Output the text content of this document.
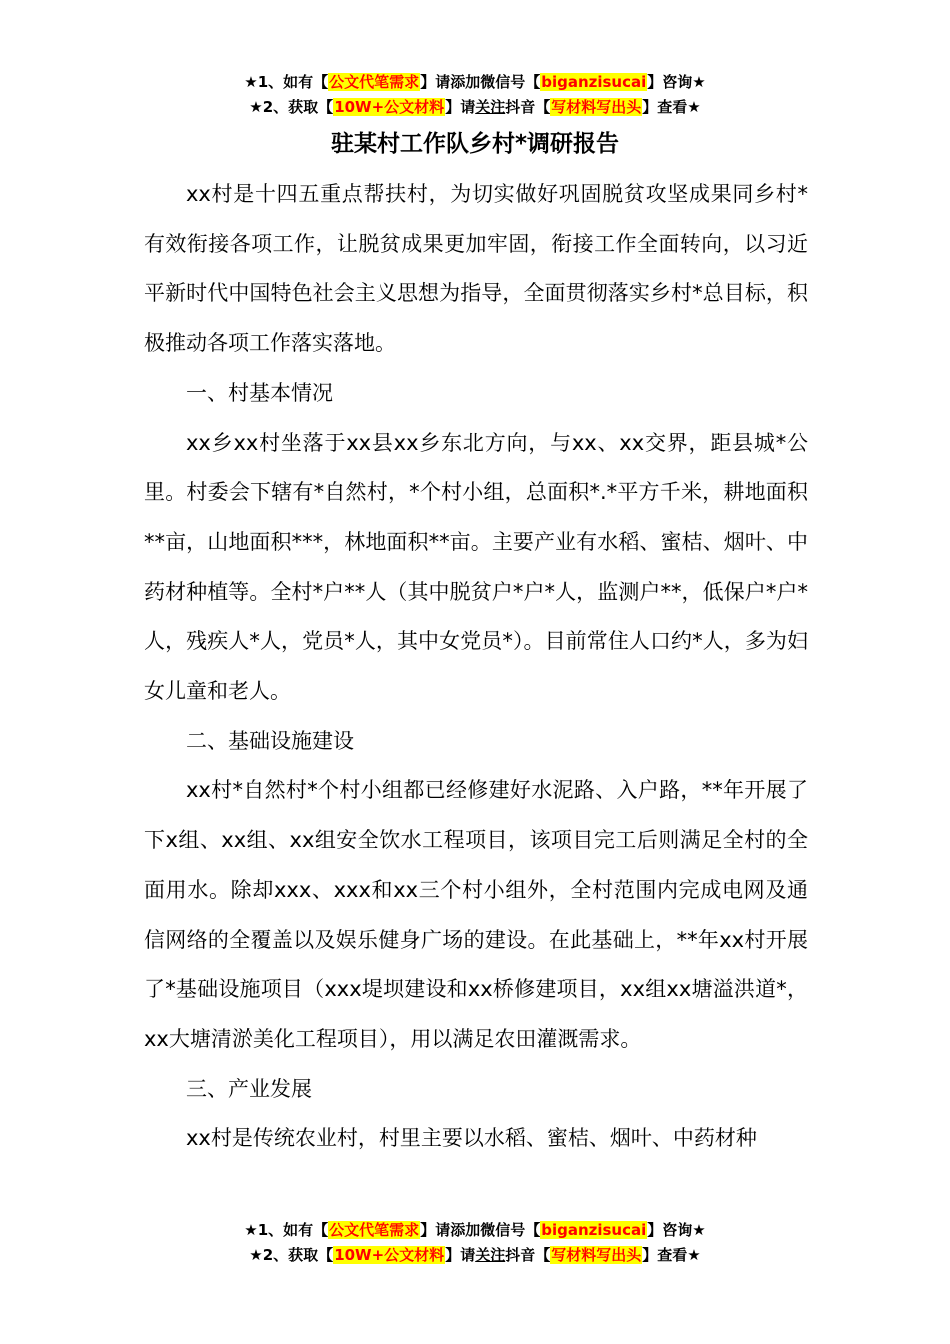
★1、如有【公文代笔需求】请添加微信号【biganzisucai】咨询★
★2、获取【10W+公文材料】请关注抖音【写材料写出头】查看★
驻某村工作队乡村*调研报告

xx村是十四五重点帮扶村，为切实做好巩固脱贫攻坚成果同乡村*有效衔接各项工作，让脱贫成果更加牢固，衔接工作全面转向，以习近平新时代中国特色社会主义思想为指导，全面贯彻落实乡村*总目标，积极推动各项工作落实落地。

一、村基本情况

xx乡xx村坐落于xx县xx乡东北方向，与xx、xx交界，距县城*公里。村委会下辖有*自然村，*个村小组，总面积*.*平方千米，耕地面积**亩，山地面积***，林地面积**亩。主要产业有水稻、蜜桔、烟叶、中药材种植等。全村*户**人（其中脱贫户*户*人，监测户**，低保户*户*人，残疾人*人，党员*人，其中女党员*）。目前常住人口约*人，多为妇女儿童和老人。

二、基础设施建设

xx村*自然村*个村小组都已经修建好水泥路、入户路，**年开展了下x组、xx组、xx组安全饮水工程项目，该项目完工后则满足全村的全面用水。除却xxx、xxx和xx三个村小组外，全村范围内完成电网及通信网络的全覆盖以及娱乐健身广场的建设。在此基础上，**年xx村开展了*基础设施项目（xxx堤坝建设和xx桥修建项目，xx组xx塘溢洪道*，xx大塘清淤美化工程项目），用以满足农田灌溉需求。

三、产业发展

xx村是传统农业村，村里主要以水稻、蜜桔、烟叶、中药材种

★1、如有【公文代笔需求】请添加微信号【biganzisucai】咨询★
★2、获取【10W+公文材料】请关注抖音【写材料写出头】查看★
